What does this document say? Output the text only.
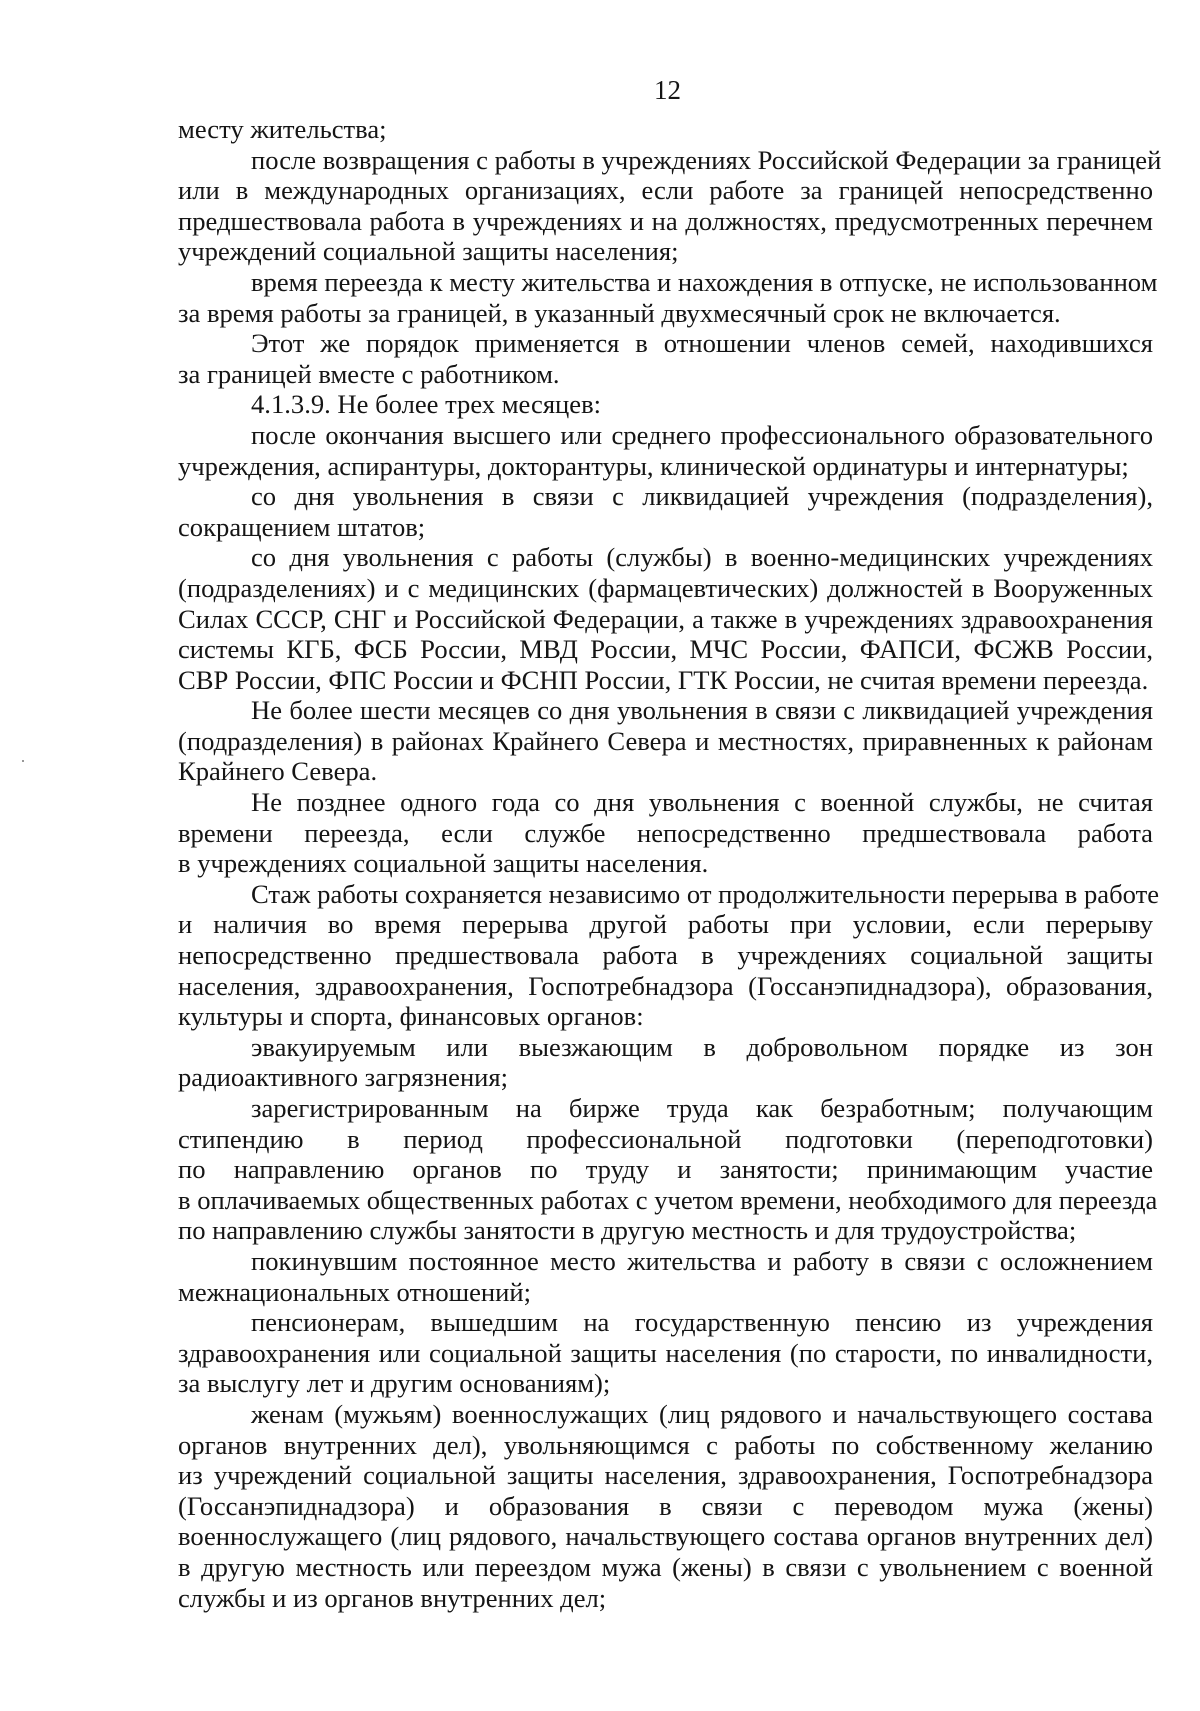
12
месту жительства;
после возвращения с работы в учреждениях Российской Федерации за границей
или в международных организациях, если работе за границей непосредственно
предшествовала работа в учреждениях и на должностях, предусмотренных перечнем
учреждений социальной защиты населения;
время переезда к месту жительства и нахождения в отпуске, не использованном
за время работы за границей, в указанный двухмесячный срок не включается.
Этот же порядок применяется в отношении членов семей, находившихся
за границей вместе с работником.
4.1.3.9. Не более трех месяцев:
после окончания высшего или среднего профессионального образовательного
учреждения, аспирантуры, докторантуры, клинической ординатуры и интернатуры;
со дня увольнения в связи с ликвидацией учреждения (подразделения),
сокращением штатов;
со дня увольнения с работы (службы) в военно-медицинских учреждениях
(подразделениях) и с медицинских (фармацевтических) должностей в Вооруженных
Силах СССР, СНГ и Российской Федерации, а также в учреждениях здравоохранения
системы КГБ, ФСБ России, МВД России, МЧС России, ФАПСИ, ФСЖВ России,
СВР России, ФПС России и ФСНП России, ГТК России, не считая времени переезда.
Не более шести месяцев со дня увольнения в связи с ликвидацией учреждения
(подразделения) в районах Крайнего Севера и местностях, приравненных к районам
Крайнего Севера.
Не позднее одного года со дня увольнения с военной службы, не считая
времени переезда, если службе непосредственно предшествовала работа
в учреждениях социальной защиты населения.
Стаж работы сохраняется независимо от продолжительности перерыва в работе
и наличия во время перерыва другой работы при условии, если перерыву
непосредственно предшествовала работа в учреждениях социальной защиты
населения, здравоохранения, Госпотребнадзора (Госсанэпиднадзора), образования,
культуры и спорта, финансовых органов:
эвакуируемым или выезжающим в добровольном порядке из зон
радиоактивного загрязнения;
зарегистрированным на бирже труда как безработным; получающим
стипендию в период профессиональной подготовки (переподготовки)
по направлению органов по труду и занятости; принимающим участие
в оплачиваемых общественных работах с учетом времени, необходимого для переезда
по направлению службы занятости в другую местность и для трудоустройства;
покинувшим постоянное место жительства и работу в связи с осложнением
межнациональных отношений;
пенсионерам, вышедшим на государственную пенсию из учреждения
здравоохранения или социальной защиты населения (по старости, по инвалидности,
за выслугу лет и другим основаниям);
женам (мужьям) военнослужащих (лиц рядового и начальствующего состава
органов внутренних дел), увольняющимся с работы по собственному желанию
из учреждений социальной защиты населения, здравоохранения, Госпотребнадзора
(Госсанэпиднадзора) и образования в связи с переводом мужа (жены)
военнослужащего (лиц рядового, начальствующего состава органов внутренних дел)
в другую местность или переездом мужа (жены) в связи с увольнением с военной
службы и из органов внутренних дел;
